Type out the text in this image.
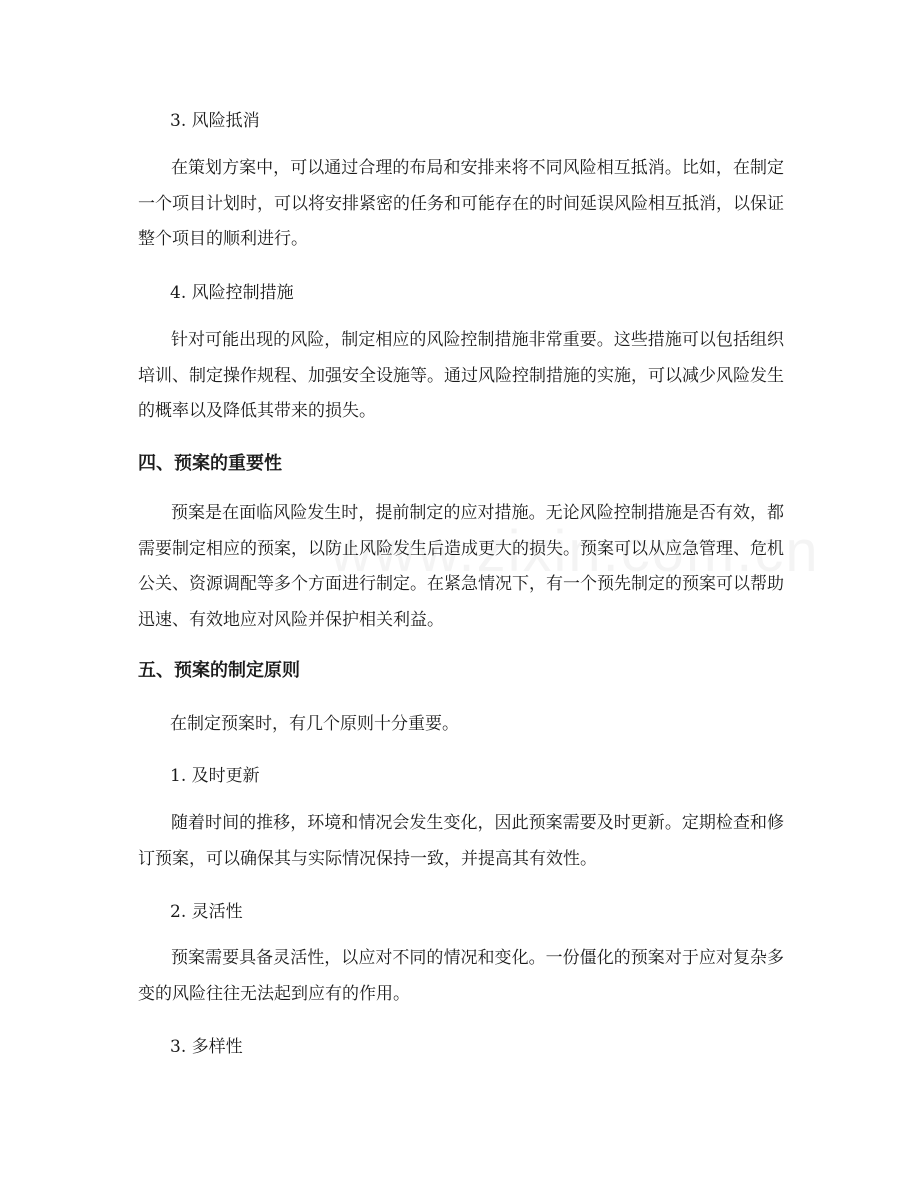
3. 风险抵消

在策划方案中，可以通过合理的布局和安排来将不同风险相互抵消。比如，在制定一个项目计划时，可以将安排紧密的任务和可能存在的时间延误风险相互抵消，以保证整个项目的顺利进行。

4. 风险控制措施

针对可能出现的风险，制定相应的风险控制措施非常重要。这些措施可以包括组织培训、制定操作规程、加强安全设施等。通过风险控制措施的实施，可以减少风险发生的概率以及降低其带来的损失。

四、预案的重要性

预案是在面临风险发生时，提前制定的应对措施。无论风险控制措施是否有效，都需要制定相应的预案，以防止风险发生后造成更大的损失。预案可以从应急管理、危机公关、资源调配等多个方面进行制定。在紧急情况下，有一个预先制定的预案可以帮助迅速、有效地应对风险并保护相关利益。

五、预案的制定原则

在制定预案时，有几个原则十分重要。

1. 及时更新

随着时间的推移，环境和情况会发生变化，因此预案需要及时更新。定期检查和修订预案，可以确保其与实际情况保持一致，并提高其有效性。

2. 灵活性

预案需要具备灵活性，以应对不同的情况和变化。一份僵化的预案对于应对复杂多变的风险往往无法起到应有的作用。

3. 多样性
